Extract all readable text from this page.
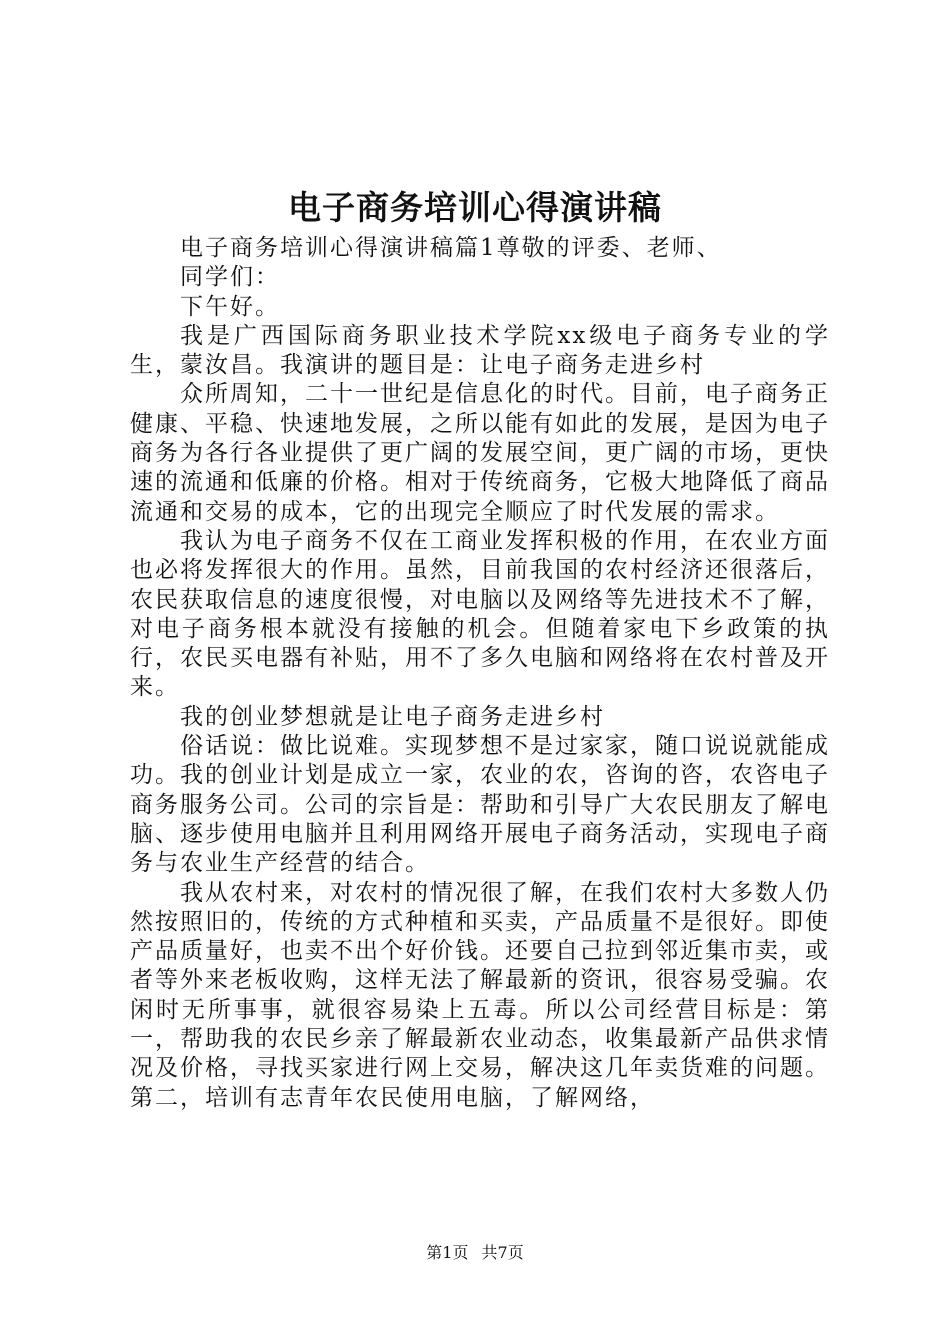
电子商务培训心得演讲稿

电子商务培训心得演讲稿篇1尊敬的评委、老师、

同学们：

下午好。

我是广西国际商务职业技术学院xx级电子商务专业的学生，蒙汝昌。我演讲的题目是：让电子商务走进乡村

众所周知，二十一世纪是信息化的时代。目前，电子商务正健康、平稳、快速地发展，之所以能有如此的发展，是因为电子商务为各行各业提供了更广阔的发展空间，更广阔的市场，更快速的流通和低廉的价格。相对于传统商务，它极大地降低了商品流通和交易的成本，它的出现完全顺应了时代发展的需求。

我认为电子商务不仅在工商业发挥积极的作用，在农业方面也必将发挥很大的作用。虽然，目前我国的农村经济还很落后，农民获取信息的速度很慢，对电脑以及网络等先进技术不了解，对电子商务根本就没有接触的机会。但随着家电下乡政策的执行，农民买电器有补贴，用不了多久电脑和网络将在农村普及开来。

我的创业梦想就是让电子商务走进乡村

俗话说：做比说难。实现梦想不是过家家，随口说说就能成功。我的创业计划是成立一家，农业的农，咨询的咨，农咨电子商务服务公司。公司的宗旨是：帮助和引导广大农民朋友了解电脑、逐步使用电脑并且利用网络开展电子商务活动，实现电子商务与农业生产经营的结合。

我从农村来，对农村的情况很了解，在我们农村大多数人仍然按照旧的，传统的方式种植和买卖，产品质量不是很好。即使产品质量好，也卖不出个好价钱。还要自己拉到邻近集市卖，或者等外来老板收购，这样无法了解最新的资讯，很容易受骗。农闲时无所事事，就很容易染上五毒。所以公司经营目标是：第一，帮助我的农民乡亲了解最新农业动态，收集最新产品供求情况及价格，寻找买家进行网上交易，解决这几年卖货难的问题。第二，培训有志青年农民使用电脑，了解网络，

第1页 共7页
